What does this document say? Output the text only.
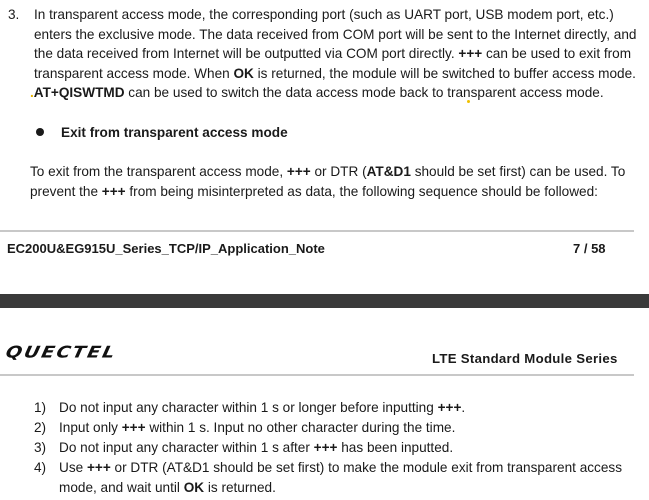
3. In transparent access mode, the corresponding port (such as UART port, USB modem port, etc.)
enters the exclusive mode. The data received from COM port will be sent to the Internet directly, and
the data received from Internet will be outputted via COM port directly. +++ can be used to exit from
transparent access mode. When OK is returned, the module will be switched to buffer access mode.
.AT+QISWTMD can be used to switch the data access mode back to transparent access mode.
Exit from transparent access mode
To exit from the transparent access mode, +++ or DTR (AT&D1 should be set first) can be used. To
prevent the +++ from being misinterpreted as data, the following sequence should be followed:
EC200U&EG915U_Series_TCP/IP_Application_Note	7 / 58
QUECTEL	LTE Standard Module Series
1) Do not input any character within 1 s or longer before inputting +++.
2) Input only +++ within 1 s. Input no other character during the time.
3) Do not input any character within 1 s after +++ has been inputted.
4) Use +++ or DTR (AT&D1 should be set first) to make the module exit from transparent access
mode, and wait until OK is returned.
